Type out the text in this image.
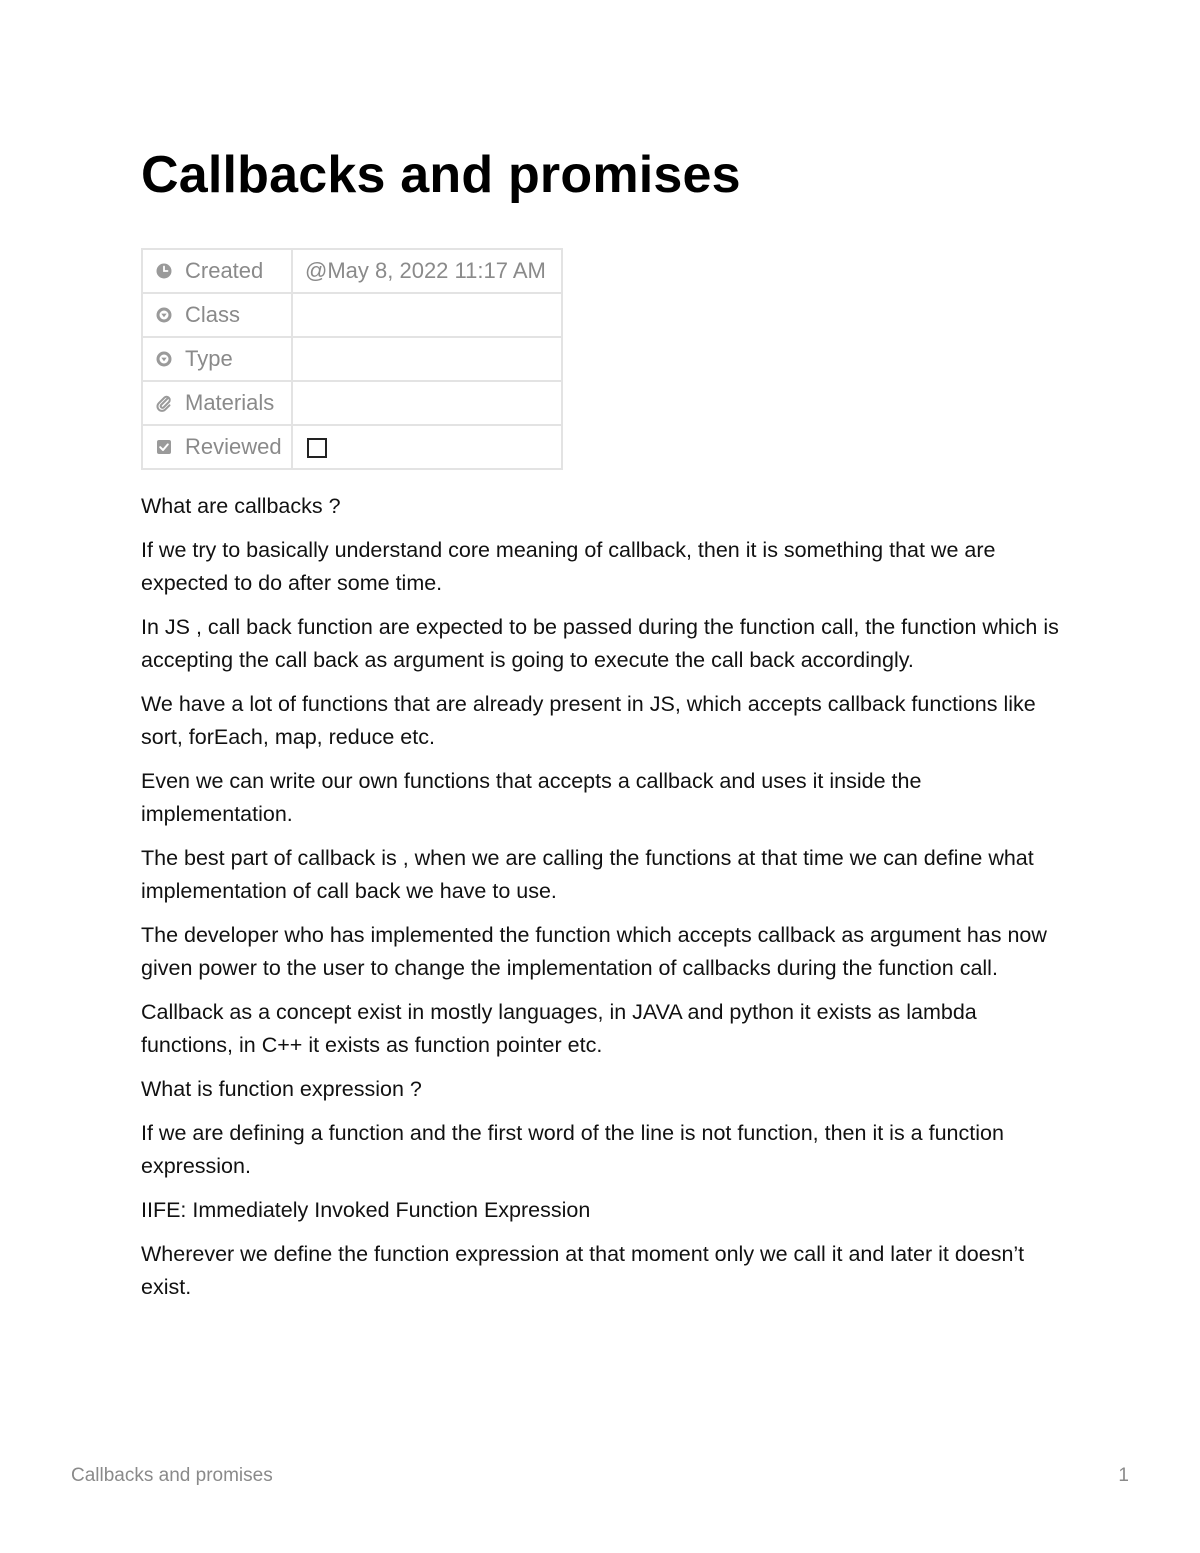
Callbacks and promises
Created	@May 8, 2022 11:17 AM

Class	

Type	

Materials	

Reviewed	

What are callbacks ?

If we try to basically understand core meaning of callback, then it is something that we are expected to do after some time.

In JS , call back function are expected to be passed during the function call, the function which is accepting the call back as argument is going to execute the call back accordingly.

We have a lot of functions that are already present in JS, which accepts callback functions like sort, forEach, map, reduce etc.

Even we can write our own functions that accepts a callback and uses it inside the implementation.

The best part of callback is , when we are calling the functions at that time we can define what implementation of call back we have to use.

The developer who has implemented the function which accepts callback as argument has now given power to the user to change the implementation of callbacks during the function call.

Callback as a concept exist in mostly languages, in JAVA and python it exists as lambda functions, in C++ it exists as function pointer etc.

What is function expression ?

If we are defining a function and the first word of the line is not function, then it is a function expression.

IIFE: Immediately Invoked Function Expression

Wherever we define the function expression at that moment only we call it and later it doesn’t exist.

Callbacks and promises	1
